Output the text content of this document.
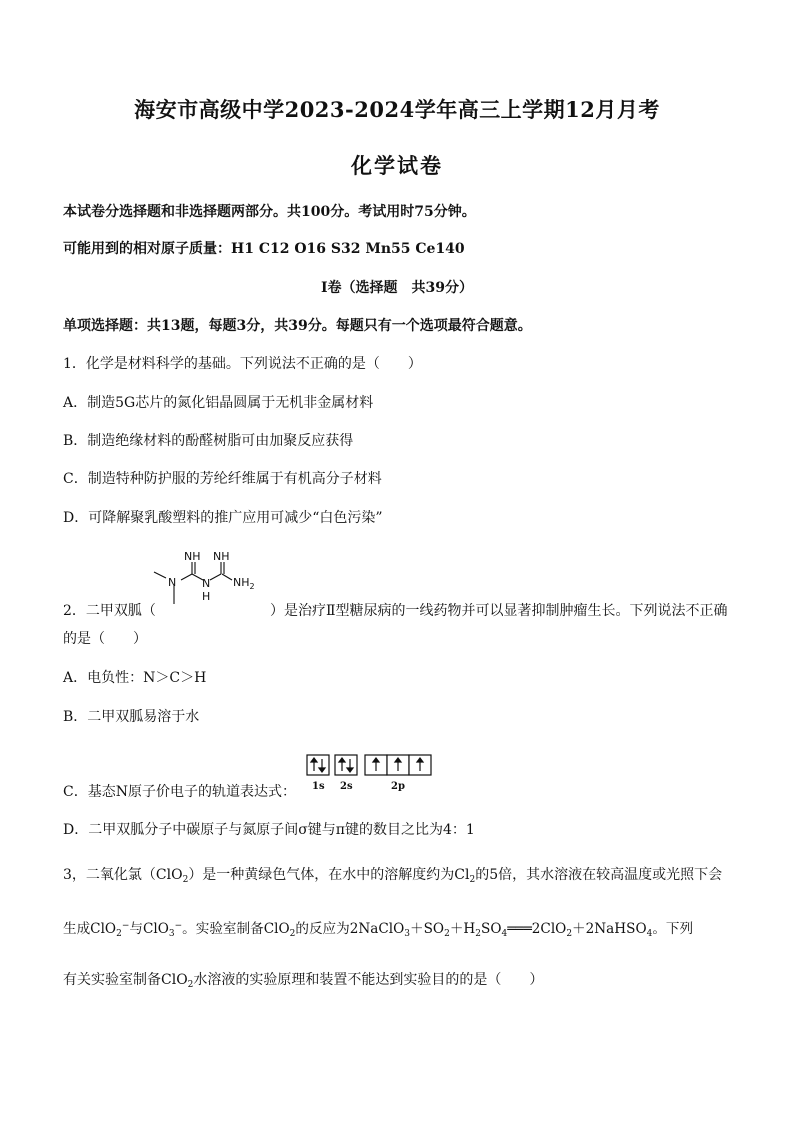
海安市高级中学2023-2024学年高三上学期12月月考
化学试卷
本试卷分选择题和非选择题两部分。共100分。考试用时75分钟。
可能用到的相对原子质量：H1 C12 O16 S32 Mn55 Ce140
Ⅰ卷（选择题　共39分）
单项选择题：共13题，每题3分，共39分。每题只有一个选项最符合题意。
1．化学是材料科学的基础。下列说法不正确的是（　　）
A．制造5G芯片的氮化铝晶圆属于无机非金属材料
B．制造绝缘材料的酚醛树脂可由加聚反应获得
C．制造特种防护服的芳纶纤维属于有机高分子材料
D．可降解聚乳酸塑料的推广应用可减少“白色污染”
2．二甲双胍（
NH NH
N N
H
$NH_2$
）是治疗Ⅱ型糖尿病的一线药物并可以显著抑制肿瘤生长。下列说法不正确
的是（　　）
A．电负性：N＞C＞H
B．二甲双胍易溶于水
1s 2s	2p
C．基态N原子价电子的轨道表达式：
D．二甲双胍分子中碳原子与氮原子间σ键与π键的数目之比为4：1
3，二氧化氯（ClO$_2$）是一种黄绿色气体，在水中的溶解度约为$Cl_2$的5倍，其水溶液在较高温度或光照下会
生成ClO$_2$−与ClO$_3$−。实验室制备ClO$_2$的反应为$2NaClO_3+SO_2+H_2SO_4═══2ClO_2+2NaHSO_4$。下列
有关实验室制备ClO$_2$水溶液的实验原理和装置不能达到实验目的的是（　　）
